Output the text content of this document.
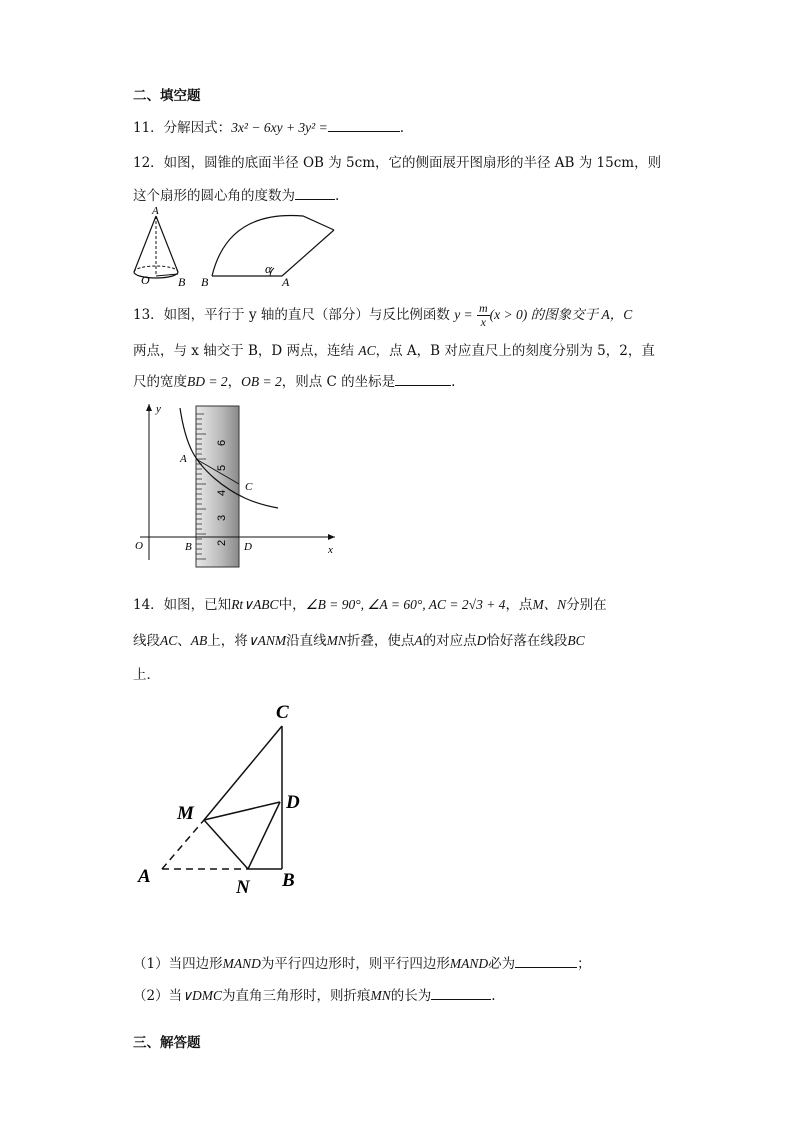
二、填空题
11．分解因式：3x² − 6xy + 3y² =	.
12．如图，圆锥的底面半径 OB 为 5cm，它的侧面展开图扇形的半径 AB 为 15cm，则
这个扇形的圆心角的度数为	.
A
O B
α
B	A
13．如图，平行于 y 轴的直尺（部分）与反比例函数 $y = \frac{m}{x} (x > 0)$ 的图象交于 A，C
两点，与 x 轴交于 B，D 两点，连结 AC，点 A，B 对应直尺上的刻度分别为 5，2，直
尺的宽度BD = 2，OB = 2，则点 C 的坐标是	.
2
3
4
5
6
y
x
O
A
B
C
D
14．如图，已知Rt∨ABC中，∠B = 90°, ∠A = 60°, AC = 2√3 + 4，点M、N分别在
线段AC、AB上，将∨ANM沿直线MN折叠，使点A的对应点D恰好落在线段BC
上．
C
M
D
A
N B
（1）当四边形MAND为平行四边形时，则平行四边形MAND必为	；
（2）当∨DMC为直角三角形时，则折痕MN的长为	.
三、解答题
